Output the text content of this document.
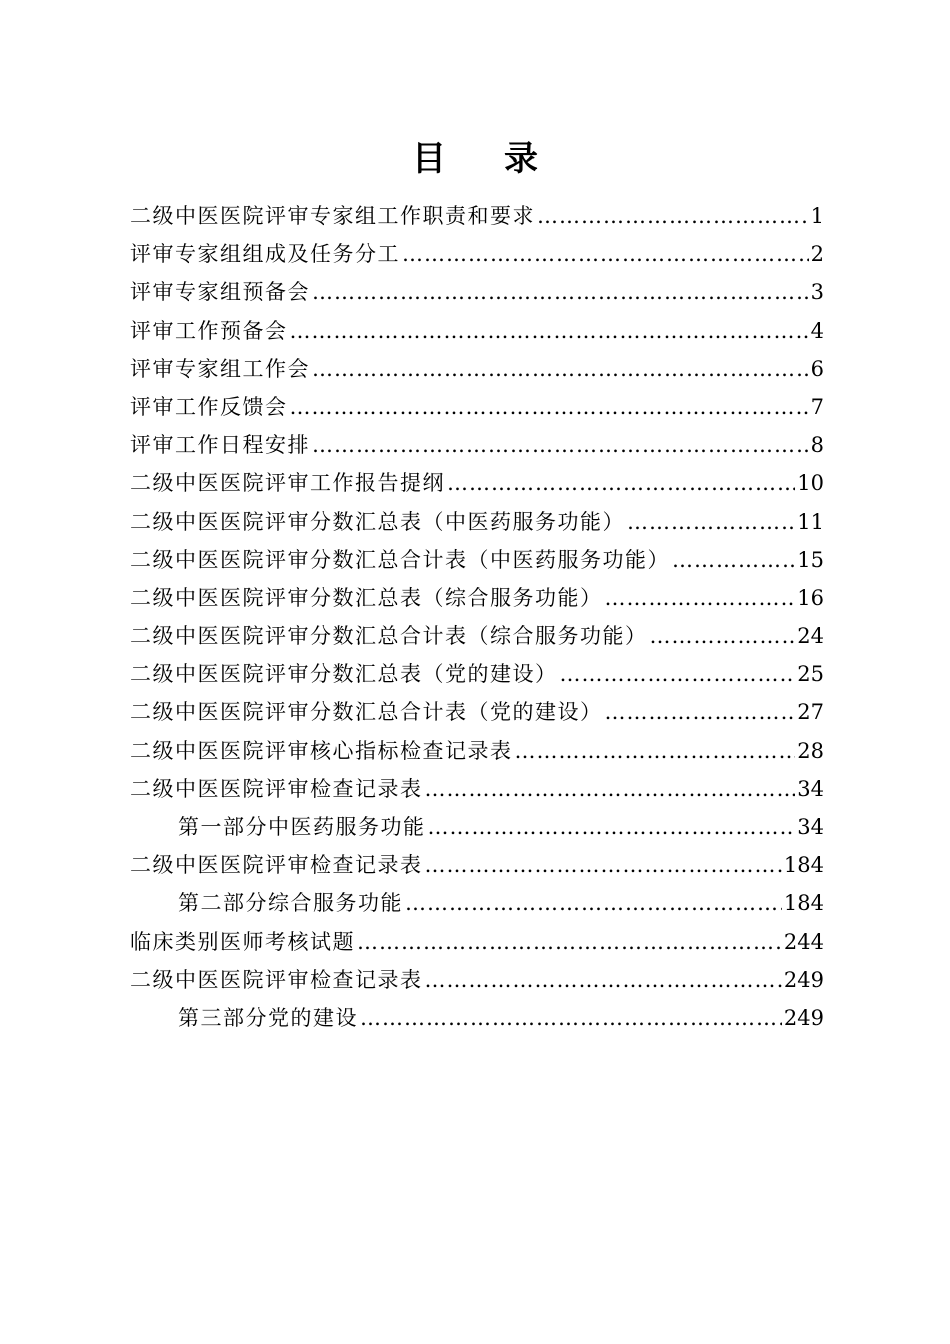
目 录
二级中医医院评审专家组工作职责和要求 …………………………………………………………………………………………………………………………………	1
评审专家组组成及任务分工 …………………………………………………………………………………………………………………………………	2
评审专家组预备会 …………………………………………………………………………………………………………………………………	3
评审工作预备会 …………………………………………………………………………………………………………………………………	4
评审专家组工作会 …………………………………………………………………………………………………………………………………	6
评审工作反馈会 …………………………………………………………………………………………………………………………………	7
评审工作日程安排 …………………………………………………………………………………………………………………………………	8
二级中医医院评审工作报告提纲 …………………………………………………………………………………………………………………………………	10
二级中医医院评审分数汇总表（中医药服务功能） …………………………………………………………………………………………………………………………………	11
二级中医医院评审分数汇总合计表（中医药服务功能） …………………………………………………………………………………………………………………………………	15
二级中医医院评审分数汇总表（综合服务功能） …………………………………………………………………………………………………………………………………	16
二级中医医院评审分数汇总合计表（综合服务功能） …………………………………………………………………………………………………………………………………	24
二级中医医院评审分数汇总表（党的建设） …………………………………………………………………………………………………………………………………	25
二级中医医院评审分数汇总合计表（党的建设） …………………………………………………………………………………………………………………………………	27
二级中医医院评审核心指标检查记录表 …………………………………………………………………………………………………………………………………	28
二级中医医院评审检查记录表 …………………………………………………………………………………………………………………………………	34
第一部分中医药服务功能 …………………………………………………………………………………………………………………………………	34
二级中医医院评审检查记录表 …………………………………………………………………………………………………………………………………	184
第二部分综合服务功能 …………………………………………………………………………………………………………………………………	184
临床类别医师考核试题 …………………………………………………………………………………………………………………………………	244
二级中医医院评审检查记录表 …………………………………………………………………………………………………………………………………	249
第三部分党的建设 …………………………………………………………………………………………………………………………………	249
